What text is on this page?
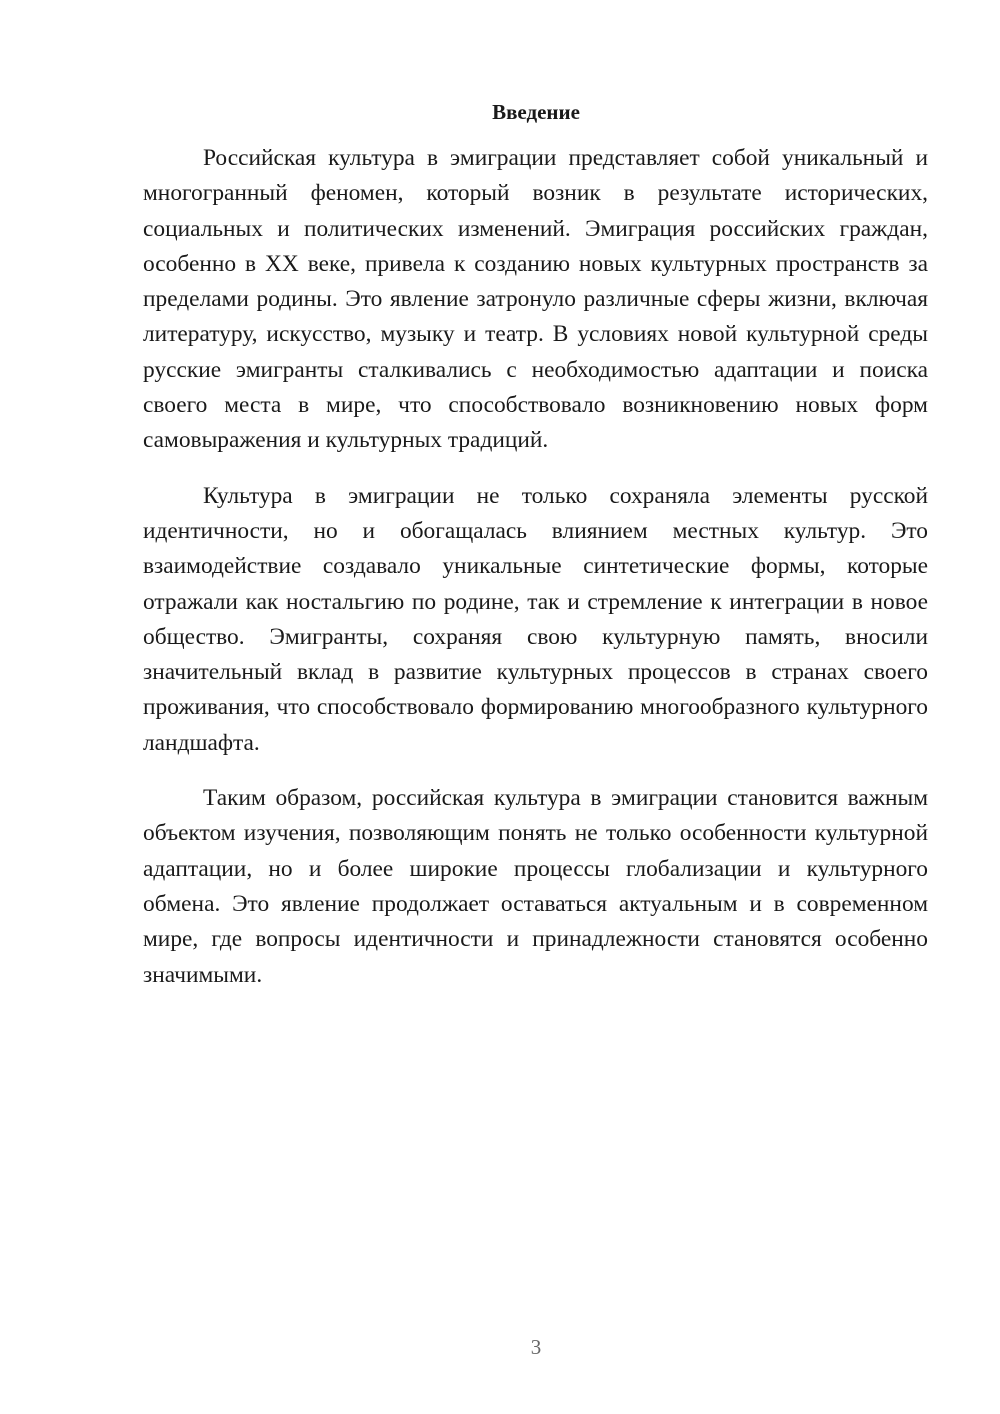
Введение

Российская культура в эмиграции представляет собой уникальный и многогранный феномен, который возник в результате исторических, социальных и политических изменений. Эмиграция российских граждан, особенно в XX веке, привела к созданию новых культурных пространств за пределами родины. Это явление затронуло различные сферы жизни, включая литературу, искусство, музыку и театр. В условиях новой культурной среды русские эмигранты сталкивались с необходимостью адаптации и поиска своего места в мире, что способствовало возникновению новых форм самовыражения и культурных традиций.

Культура в эмиграции не только сохраняла элементы русской идентичности, но и обогащалась влиянием местных культур. Это взаимодействие создавало уникальные синтетические формы, которые отражали как ностальгию по родине, так и стремление к интеграции в новое общество. Эмигранты, сохраняя свою культурную память, вносили значительный вклад в развитие культурных процессов в странах своего проживания, что способствовало формированию многообразного культурного ландшафта.

Таким образом, российская культура в эмиграции становится важным объектом изучения, позволяющим понять не только особенности культурной адаптации, но и более широкие процессы глобализации и культурного обмена. Это явление продолжает оставаться актуальным и в современном мире, где вопросы идентичности и принадлежности становятся особенно значимыми.

3
